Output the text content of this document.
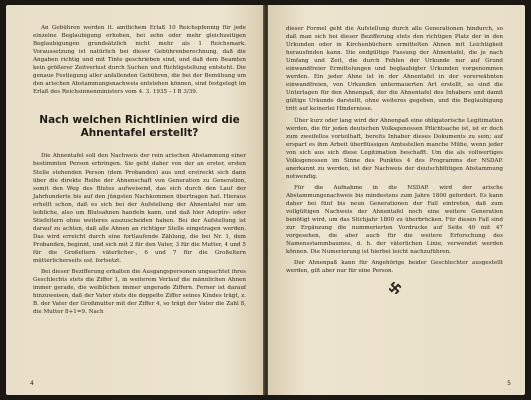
An Gebühren werden lt. amtlichem Erlaß 10 Reichspfennig für jede einzelne Beglaubigung erhoben, bei zehn oder mehr gleichzeitigen Beglaubigungen grundsätzlich nicht mehr als 1 Reichsmark. Voraussetzung ist natürlich bei dieser Gebührenberechnung, daß die Angaben richtig und mit Tinte geschrieben sind, und daß dem Beamten kein größerer Zeitverlust durch Suchen und Richtigstellung entsteht. Die genaue Festlegung aller anfallenden Gebühren, die bei der Bemühung um den arischen Abstammungsnachweis entstehen können, sind festgelegt im Erlaß des Reichsinnenministers vom 4. 3. 1935 – I B 3/39.

Nach welchen Richtlinien wird die Ahnentafel erstellt?

Die Ahnentafel soll den Nachweis der rein arischen Abstammung einer bestimmten Person erbringen. Sie geht daher von der an erster, ersten Stelle stehenden Person (dem Probanden) aus und erstreckt sich dann über die direkte Reihe der Ahnenschaft von Generation zu Generation, somit den Weg des Blutes aufweisend, das sich durch den Lauf der Jahrhunderte bis auf den jüngsten Nachkommen übertragen hat. Hieraus erhellt schon, daß es sich bei der Aufstellung der Ahnentafel nur um leibliche, also um Blutsahnen handeln kann, und daß hier Adoptiv- oder Stiefeltern ohne weiteres auszuscheiden haben. Bei der Aufstellung ist darauf zu achten, daß alle Ahnen an richtiger Stelle eingetragen werden. Das wird erreicht durch eine fortlaufende Zählung, die bei Nr. 1, dem Probanden, beginnt, und sich mit 2 für den Vater, 3 für die Mutter, 4 und 5 für die Großeltern väterlicher-, 6 und 7 für die Großeltern mütterlicherseits usf. fortsetzt.

Bei dieser Bezifferung erhalten die Ausgangspersonen ungeachtet ihres Geschlechts stets die Ziffer 1, in weiterem Verlauf die männlichen Ahnen immer gerade, die weiblichen immer ungerade Ziffern. Ferner ist darauf hinzuweisen, daß der Vater stets die doppelte Ziffer seines Kindes trägt, z. B. der Vater der Großmutter mit der Ziffer 4, so trägt der Vater die Zahl 8, die Mutter 8+1=9. Nach

4

dieser Formel geht die Aufstellung durch alle Generationen hindurch, so daß man sich bei dieser Bezifferung stets den richtigen Platz der in den Urkunden oder in Kirchenbüchern ermittelten Ahnen mit Leichtigkeit herausfinden kann. Die endgültige Fassung der Ahnentafel, die je nach Umfang und Zeit, die durch Fehlen der Urkunde nur auf Grund einwandfreier Ermittelungen und beglaubigter Urkunden vorgenommen werden. Ein jeder Ahne ist in der Ahnentafel in der vorerwähnten einwandfreien, von Urkunden untermauerten Art erstellt, so sind die Unterlagen für den Ahnenpaß, der die Ahnentafel des Inhabers und damit gültige Urkunde darstellt, ohne weiteres gegeben, und die Beglaubigung tritt auf keinerlei Hindernisse.

Über kurz oder lang wird der Ahnenpaß eine obligatorische Legitimation werden, die für jeden deutschen Volksgenossen Pflichtsache ist, ist er doch zum zweifellos vorteilhaft, bereits Inhaber dieses Dokuments zu sein; auf erspart es ihm Arbeit überflüssigen Amtsstellen manche Mühe, wenn jeder von sich aus sich diese Legitimation beschafft. Um die als vollwertiges Volksgenossen im Sinne des Punktes 4 des Programms der NSDAP. anerkannt zu werden, ist der Nachweis der deutschblütigen Abstammung notwendig.

Für die Aufnahme in die NSDAP. wird der arische Abstammungsnachweis bis mindestens zum Jahre 1800 gefordert. Es kann daher bei fünf bis neun Generationen der Fall eintreten, daß zum vollgültigen Nachweis der Ahnentafel noch eine weitere Generation benötigt wird, um das Stichjahr 1800 zu überbrücken. Für diesen Fall sind zur Ergänzung die nummerierten Vordrucke auf Seite 40 mit 47 vorgesehen, die aber auch für die weitere Erforschung des Namensstammbaumes, d. h. der väterlichen Linie, verwendet werden können. Die Numerierung ist hierbei leicht nachzuführen.

Der Ahnenpaß kann für Angehörige beider Geschlechter ausgestellt werden, gilt aber nur für eine Person.

5
